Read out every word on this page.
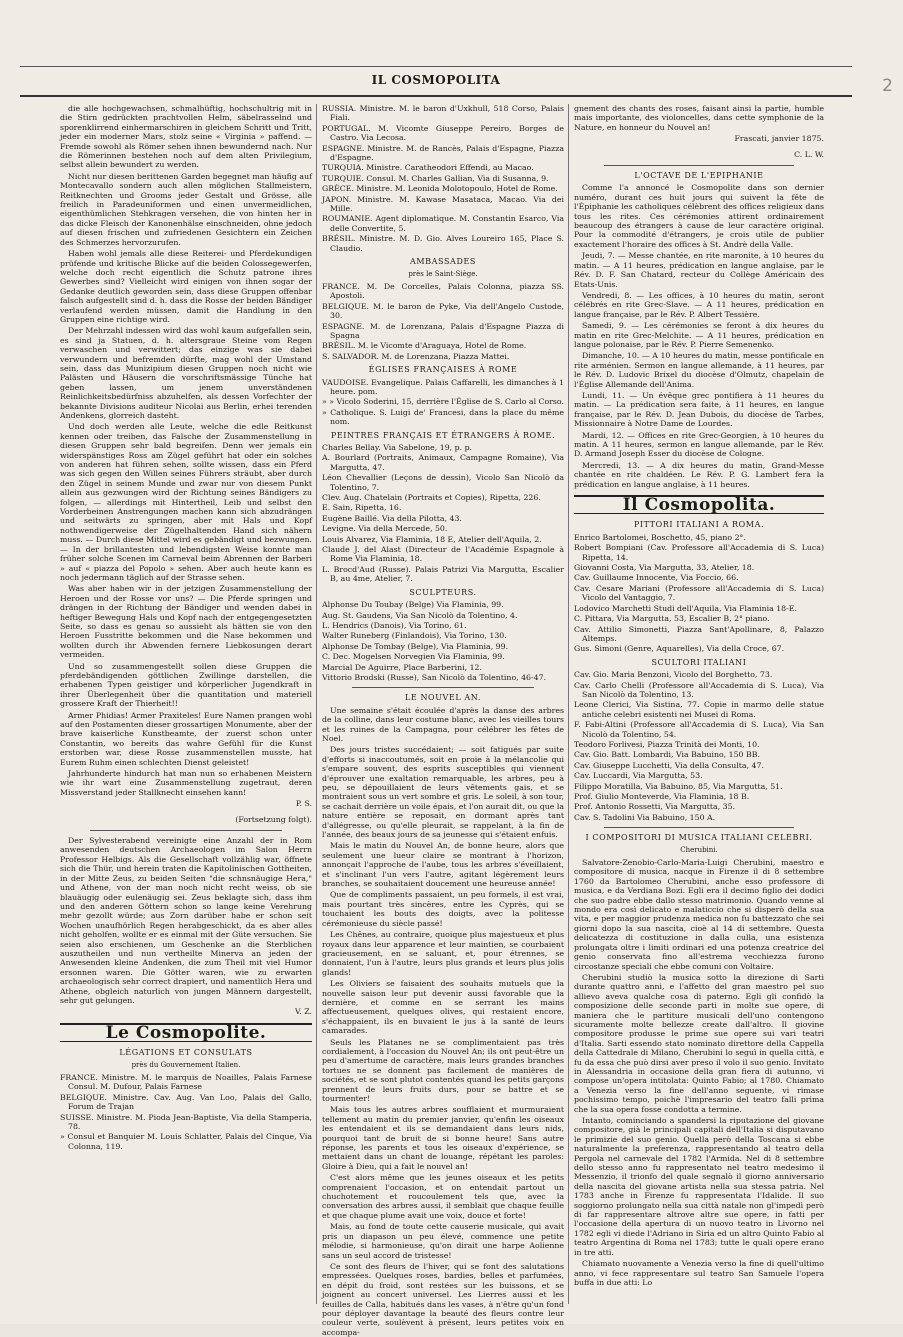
IL COSMOPOLITA	2

die alle hochgewachsen, schmalhüftig, hochschultrig mit in die Stirn gedrückten prachtvollen Helm, säbelrasselnd und sporenklirrend einhermarschiren in gleichem Schritt und Tritt, jeder ein moderner Mars, stolz seine « Virginia » paffend. — Fremde sowohl als Römer sehen ihnen bewundernd nach. Nur die Römerinnen bestehen noch auf dem alten Privilegium, selbst allein bewundert zu werden.

Nicht nur diesen berittenen Garden begegnet man häufig auf Montecavallo sondern auch allen möglichen Stallmeistern, Reitknechten und Grooms jeder Gestalt und Grösse, alle freilich in Paradeuniformen und einen unvermeidlichen, eigenthümlichen Stehkragen versehen, die von hinten her in das dicke Fleisch der Kanonenhälse einschneiden, ohne jedoch auf diesen frischen und zufriedenen Gesichtern ein Zeichen des Schmerzes hervorzurufen.

Haben wohl jemals alle diese Reiterei- und Pferdekundigen prüfende und kritische Blicke auf die beiden Colossegewerfen, welche doch recht eigentlich die Schutz patrone ihres Gewerbes sind? Vielleicht wird einigen von ihnen sogar der Gedanke deutlich geworden sein, dass diese Gruppen offenbar falsch aufgestellt sind d. h. dass die Rosse der beiden Bändiger verlaufend werden müssen, damit die Handlung in den Gruppen eine richtige wird.

Der Mehrzahl indessen wird das wohl kaum aufgefallen sein, es sind ja Statuen, d. h. altersgraue Steine vom Regen verwaschen und verwittert; das einzige was sie dabei verwundern und befremden dürfte, mag wohl der Umstand sein, dass das Munizipium diesen Gruppen noch nicht wie Palästen und Häusern die vorschriftsmässige Tünche hat geben lassen, um jenem unverständenen Reinlichkeitsbedürfniss abzuhelfen, als dessen Vorfechter der bekannte Divisions auditeur Nicolai aus Berlin, erhei terenden Andenkens, glorreich dasteht.

Und doch werden alle Leute, welche die edle Reitkunst kennen oder treiben, das Falsche der Zusammenstellung in diesen Gruppen sehr bald begreifen. Denn wer jemals ein widerspänstiges Ross am Zügel geführt hat oder ein solches von anderen hat führen sehen, sollte wissen, dass ein Pferd was sich gegen den Willen seines Führers sträubt, aber durch den Zügel in seinem Munde und zwar nur von diesem Punkt allein aus gezwungen wird der Richtung seines Bändigers zu folgen, — allerdings mit Hintertheil, Leib und selbst den Vorderbeinen Anstrengungen machen kann sich abzudrängen und seitwärts zu springen, aber mit Hals und Kopf nothwendigerweise der Zügelhaltenden Hand sich nähern muss. — Durch diese Mittel wird es gebändigt und bezwungen. — In der brillantesten und lebendigsten Weise konnte man früher solche Scenen im Carneval beim Abrennen der Barberi » auf « piazza del Popolo » sehen. Aber auch heute kann es noch jedermann täglich auf der Strasse sehen.

Was aber haben wir in der jetzigen Zusammenstellung der Heroen und der Rosse vor uns? — Die Pferde springen und drängen in der Richtung der Bändiger und wenden dabei in heftiger Bewegung Hals und Kopf nach der entgegengesetzten Seite, so dass es genau so aussieht als hätten sie von den Heroen Fusstritte bekommen und die Nase bekommen und wollten durch ihr Abwenden fernere Liebkosungen derart vermeiden.

Und so zusammengestellt sollen diese Gruppen die pferdebändigenden göttlichen Zwillinge darstellen, die erhabenen Typen geistiger und körperlicher Jugendkraft in ihrer Überlegenheit über die quantitation und materiell grossere Kraft der Thierheit!!

Armer Phidias! Armer Praxiteles! Eure Namen prangen wohl auf den Postamenten dieser grossartigen Monumente, aber der brave kaiserliche Kunstbeamte, der zuerst schon unter Constantin, wo bereits das wahre Gefühl für die Kunst erstorben war, diese Rosse zusammenstellen musste, hat Eurem Ruhm einen schlechten Dienst geleistet!

Jahrhunderte hindurch hat man nun so erhabenen Meistern wie ihr wart eine Zusammenstellung zugetraut, deren Missverstand jeder Stallknecht einsehen kann!

P. S.
(Fortsetzung folgt).

Der Sylvesterabend vereinigte eine Anzahl der in Rom anwesenden deutschen Archaeologen im Salon Herrn Professor Helbigs. Als die Gesellschaft vollzählig war, öffnete sich die Thür, und herein traten die Kapitolinischen Gottheiten, in der Mitte Zeus, zu beiden Seiten "die schnsnäugige Hera," und Athene, von der man noch nicht recht weiss, ob sie blauäugig oder eulenäugig sei. Zeus beklagte sich, dass ihm und den anderen Göttern schon so lange keine Verehrung mehr gezollt würde; aus Zorn darüber habe er schon seit Wochen unaufhörlich Regen herabgeschickt, da es aber alles nicht geholfen, wollte er es einmal mit der Güte versuchen. Sie seien also erschienen, um Geschenke an die Sterblichen auszutheilen und nun vertheilte Minerva an jeden der Anwesenden kleine Andenken, die zum Theil mit viel Humor ersonnen waren. Die Götter waren, wie zu erwarten archaeologisch sehr correct drapiert, und namentlich Hera und Athene, obgleich naturlich von jungen Männern dargestellt, sehr gut gelungen.

V. Z.
Le Cosmopolite.
LÉGATIONS ET CONSULATS
près du Gouvernement Italien.
FRANCE. Ministre. M. le marquis de Noailles, Palais Farnese Consul. M. Dufour, Palais Farnese
BELGIQUE. Ministre. Cav. Aug. Van Loo, Palais del Gallo, Forum de Trajan
SUISSE. Ministre. M. Pioda Jean-Baptiste, Via della Stamperia, 78.
» Consul et Banquier M. Louis Schlatter, Palais del Cinque, Via Colonna, 119.
RUSSIA. Ministre. M. le baron d'Uxkhull, 518 Corso, Palais Fiali.
PORTUGAL. M. Vicomte Giuseppe Pereiro, Borges de Castro. Via Lecosa.
ESPAGNE. Ministre. M. de Rancès, Palais d'Espagne, Piazza d'Espagne.
TURQUIA. Ministre. Caratheodori Effendi, au Macao.
TURQUIE. Consul. M. Charles Gallian, Via di Susanna, 9.
GRÈCE. Ministre. M. Leonida Molotopoulo, Hotel de Rome.
JAPON. Ministre. M. Kawase Masataca, Macao. Via dei Mille.
ROUMANIE. Agent diplomatique. M. Constantin Esarco, Via delle Convertite, 5.
BRÉSIL. Ministre. M. D. Gio. Alves Loureiro 165, Place S. Claudio.
AMBASSADES
près le Saint-Siège.
FRANCE. M. De Corcelles, Palais Colonna, piazza SS. Apostoli.
BELGIQUE. M. le baron de Pyke, Via dell'Angelo Custode, 30.
ESPAGNE. M. de Lorenzana, Palais d'Espagne Piazza di Spagna
BRÉSIL. M. le Vicomte d'Araguaya, Hotel de Rome.
S. SALVADOR. M. de Lorenzana, Piazza Mattei.
ÉGLISES FRANÇAISES À ROME
VAUDOISE. Evangelique. Palais Caffarelli, les dimanches à 1 heure. pom.
» » Vicolo Soderini, 15, derrière l'Église de S. Carlo al Corso.
» Catholique. S. Luigi de' Francesi, dans la place du même nom.
PEINTRES FRANÇAIS ET ÉTRANGERS À ROME.
Charles Bellay. Via Sabelone, 19, p. p.
A. Bourlard (Portraits, Animaux, Campagne Romaine), Via Margutta, 47.
Léon Chevallier (Leçons de dessin), Vicolo San Nicolò da Tolentino, 7.
Clev. Aug. Chatelain (Portraits et Copies), Ripetta, 226.
E. Sain, Ripetta, 16.
Eugène Baillé. Via della Pilotta, 43.
Levigne. Via della Mercede, 50.
Louis Alvarez, Via Flaminia, 18 E, Atelier dell'Aquila, 2.
Claude J. del Alast (Directeur de l'Académie Espagnole à Rome Via Flaminia, 18.
L. Brocd'Aud (Russe). Palais Patrizi Via Margutta, Escalier B, au 4me, Atelier, 7.
SCULPTEURS.
Alphonse Du Toubay (Belge) Via Flaminia, 99.
Aug. St. Gaudens, Via San Nicolò da Tolentino, 4.
L. Hendrics (Danois), Via Torino, 61.
Walter Runeberg (Finlandois), Via Torino, 130.
Alphonse De Tombay (Belge), Via Flaminia, 99.
C. Dec. Mogelsen Norvegien Via Flaminia, 99.
Marcial De Aguirre, Place Barberini, 12.
Vittorio Brodski (Russe), San Nicolò da Tolentino, 46-47.
LE NOUVEL AN.

Une semaine s'était écoulée d'après la danse des arbres de la colline, dans leur costume blanc, avec les vieilles tours et les ruines de la Campagna, pour célébrer les fêtes de Noel.

Des jours tristes succédaient; — soit fatigués par suite d'efforts si inaccoutumés, soit en proie à la mélancolie qui s'empare souvent, des esprits susceptibles qui viennent d'éprouver une exaltation remarquable, les arbres, peu à peu, se dépouillaient de leurs vêtements gais, et se montraient sous un vert sombre et gris. Le soleil, à son tour, se cachait derrière un voile épais, et l'on aurait dit, ou que la nature entière se reposait, en dormant après tant d'allégresse, ou qu'elle pleurait, se rappelant, à la fin de l'année, des beaux jours de sa jeunesse qui s'étaient enfuis.

Mais le matin du Nouvel An, de bonne heure, alors que seulement une lueur claire se montrant à l'horizon, annonçait l'approche de l'aube, tous les arbres s'éveillaient, et s'inclinant l'un vers l'autre, agitant légèrement leurs branches, se souhaitaient doucement une heureuse année!

Que de compliments passaient, un peu formels, il est vrai, mais pourtant très sincères, entre les Cyprès, qui se touchaient les bouts des doigts, avec la politesse cérémonieuse du siècle passé!

Les Chênes, au contraire, quoique plus majestueux et plus royaux dans leur apparence et leur maintien, se courbaient gracieusement, en se saluant, et, pour étrennes, se donnaient, l'un à l'autre, leurs plus grands et leurs plus jolis glands!

Les Oliviers se faisaient des souhaits mutuels que la nouvelle saison leur put devenir aussi favorable que la dernière, et comme en se serrant les mains affectueusement, quelques olives, qui restaient encore, s'échappaient, ils en buvaient le jus à la santé de leurs camarades.

Seuls les Platanes ne se complimentaient pas très cordialement, à l'occasion du Nouvel An; ils ont peut-être un peu d'amertume de caractère, mais leurs grandes branches tortues ne se donnent pas facilement de manières de sociétés, et se sont plutot contentés quand les petits garçons prennent de leurs fruits durs, pour se battre et se tourmenter!

Mais tous les autres arbres soufflaient et murmuraient tellement au matin du premier janvier, qu'enfin les oiseaux les entendaient et ils se demandaient dans leurs nids, pourquoi tant de bruit de si bonne heure! Sans autre réponse, les parents et tous les oiseaux d'expérience, se mettaient dans un chant de louange, répétant les paroles: Gloire à Dieu, qui a fait le nouvel an!

C'est alors même que les jeunes oiseaux et les petits comprenaient l'occasion, et on entendait partout un chuchotement et roucoulement tels que, avec la conversation des arbres aussi, il semblait que chaque feuille et que chaque plume avait une voix, douce et forte!

Mais, au fond de toute cette causerie musicale, qui avait pris un diapason un peu élevé, commence une petite mélodie, si harmonieuse, qu'on dirait une harpe Aolienne sans un seul accord de tristesse!

Ce sont des fleurs de l'hiver, qui se font des salutations empressées. Quelques roses, bardies, belles et parfumées, en dépit du froid, sont restées sur les buissons, et se joignent au concert universel. Les Lierres aussi et les feuilles de Calla, habitués dans les vases, à n'être qu'un fond pour déployer davantage la beauté des fleurs contre leur couleur verte, soulèvent à présent, leurs petites voix en accompa-

gnement des chants des roses, faisant ainsi la partie, humble mais importante, des violoncelles, dans cette symphonie de la Nature, en honneur du Nouvel an!

Frascati, janvier 1875.
C. L. W.
L'OCTAVE DE L'EPIPHANIE

Comme l'a annoncé le Cosmopolite dans son dernier numéro, durant ces huit jours qui suivent la fête de l'Épiphanie les catholiques célèbrent des offices religieux dans tous les rites. Ces cérémonies attirent ordinairement beaucoup des étrangers à cause de leur caractère original. Pour la commodité d'étrangers, je crois utile de publier exactement l'horaire des offices à St. Andrè della Valle.

Jeudi, 7. — Messe chantée, en rite maronite, à 10 heures du matin. — A 11 heures, prédication en langue anglaise, par le Rév. D. F. San Chatard, recteur du Collège Américain des Etats-Unis.

Vendredi, 8. — Les offices, à 10 heures du matin, seront célébrés en rite Grec-Slave. — A 11 heures, prédication en langue française, par le Rév. P. Albert Tessière.

Samedi, 9. — Les cérémonies se feront à dix heures du matin en rite Grec-Melchite. — A 11 heures, prédication en langue polonaise, par le Rév. P. Pierre Semenenko.

Dimanche, 10. — A 10 heures du matin, messe pontificale en rite arménien. Sermon en langue allemande, à 11 heures, par le Rév. D. Ludovic Brixel du diocèse d'Olmutz, chapelain de l'Église Allemande dell'Anima.

Lundi, 11. — Un évêque grec pontifiera à 11 heures du matin. — La prédication sera faite, à 11 heures, en langue française, par le Rév. D. Jean Dubois, du diocèse de Tarbes, Missionnaire à Notre Dame de Lourdes.

Mardi, 12. — Offices en rite Grec-Georgien, à 10 heures du matin. A 11 heures, sermon en langue allemande, par le Rév. D. Armand Joseph Esser du diocèse de Cologne.

Mercredi, 13. — A dix heures du matin, Grand-Messe chantée en rite chaldéen. Le Rév. P. G. Lambert fera la prédication en langue anglaise, à 11 heures.

Il Cosmopolita.
PITTORI ITALIANI A ROMA.
Enrico Bartolomei, Boschetto, 45, piano 2°.
Robert Bompiani (Cav. Professore all'Accademia di S. Luca) Ripetta, 14.
Giovanni Costa, Via Margutta, 33, Atelier, 18.
Cav. Guillaume Innocente, Via Foccio, 66.
Cav. Cesare Mariani (Professore all'Accademia di S. Luca) Vicolo del Vantaggio, 7.
Lodovico Marchetti Studi dell'Aquila, Via Flaminia 18-E.
C. Pittara, Via Margutta, 53, Escalier B, 2° piano.
Cav. Attilio Simonetti, Piazza Sant'Apollinare, 8, Palazzo Altemps.
Gus. Simoni (Genre, Aquarelles), Via della Croce, 67.
SCULTORI ITALIANI
Cav. Gio. Maria Benzoni, Vicolo del Borghetto, 73.
Cav. Carlo Chelli (Professore all'Accademia di S. Luca), Via San Nicolò da Tolentino, 13.
Leone Clerici, Via Sistina, 77. Copie in marmo delle statue antiche celebri esistenti nei Musei di Roma.
F. Fabi-Altini (Professore all'Accademia di S. Luca), Via San Nicolò da Tolentino, 54.
Teodoro Forlivesi, Piazza Trinità dei Monti, 10.
Cav. Gio. Batt. Lombardi, Via Babuino, 150 BB.
Cav. Giuseppe Lucchetti, Via della Consulta, 47.
Cav. Luccardi, Via Margutta, 53.
Filippo Moratilla, Via Babuino, 85, Via Margutta, 51.
Prof. Giulio Monteverde, Via Flaminia, 18 B.
Prof. Antonio Rossetti, Via Margutta, 35.
Cav. S. Tadolini Via Babuino, 150 A.
I COMPOSITORI DI MUSICA ITALIANI CELEBRI.
Cherubini.

Salvatore-Zenobio-Carlo-Maria-Luigi Cherubini, maestro e compositore di musica, nacque in Firenze il di 8 settembre 1760 da Bartolomeo Cherubini, anche esso professore di musica, e da Verdiana Bozi. Egli era il decimo figlio dei dodici che suo padre ebbe dallo stesso matrimonio. Quando venne al mondo era così delicato e malaticcio che si disperò della sua vita, e per maggior prudenza medica non fu battezzato che sei giorni dopo la sua nascita, cioè al 14 di settembre. Questa delicatezza di costituzione in dalla culla, una esistenza prolungata oltre i limiti ordinari ed una potenza creatrice del genio conservata fino all'estrema vecchiezza furono circostanze speciali che ebbe comuni con Voltaire.

Cherubini studiò la musica sotto la direzione di Sarti durante quattro anni, e l'affetto del gran maestro pel suo allievo aveva qualche cosa di paterno. Egli gli confidò la composizione delle seconde parti in molte sue opere, di maniera che le partiture musicali dell'uno contengono sicuramente molte bellezze create dall'altro. Il giovine compositore produsse le prime sue opere sui vari teatri d'Italia. Sarti essendo stato nominato direttore della Cappella della Cattedrale di Milano, Cherubini lo seguì in quella città, e fu da essa che può dirsi aver preso il volo il suo genio. Invitato in Alessandria in occasione della gran fiera di autunno, vi compose un'opera intitolata: Quinto Fabio; al 1780. Chiamato a Venezia verso la fine dell'anno seguente, vi rimase pochissimo tempo, poichè l'impresario del teatro falli prima che la sua opera fosse condotta a termine.

Intanto, cominciando a spandersi la riputazione del giovane compositore, già le principali capitali dell'Italia si disputavano le primizie del suo genio. Quella però della Toscana si ebbe naturalmente la preferenza, rappresentando al teatro della Pergola nel carnevale del 1782 l'Armida. Nel di 8 settembre dello stesso anno fu rappresentato nel teatro medesimo il Messenzio, il trionfo del quale segnalò il giorno anniversario della nascita del giovane artista nella sua stessa patria. Nel 1783 anche in Firenze fu rappresentata l'Idalide. Il suo soggiorno prolungato nella sua città natale non gl'impedì però di far rappresentare altrove altre sue opere, in fatti per l'occasione della apertura di un nuovo teatro in Livorno nel 1782 egli vi diede l'Adriano in Siria ed un altro Quinto Fabio al teatro Argentina di Roma nel 1783; tutte le quali opere erano in tre atti.

Chiamato nuovamente a Venezia verso la fine di quell'ultimo anno, vi fece rappresentare sul teatro San Samuele l'opera buffa in due atti: Lo
